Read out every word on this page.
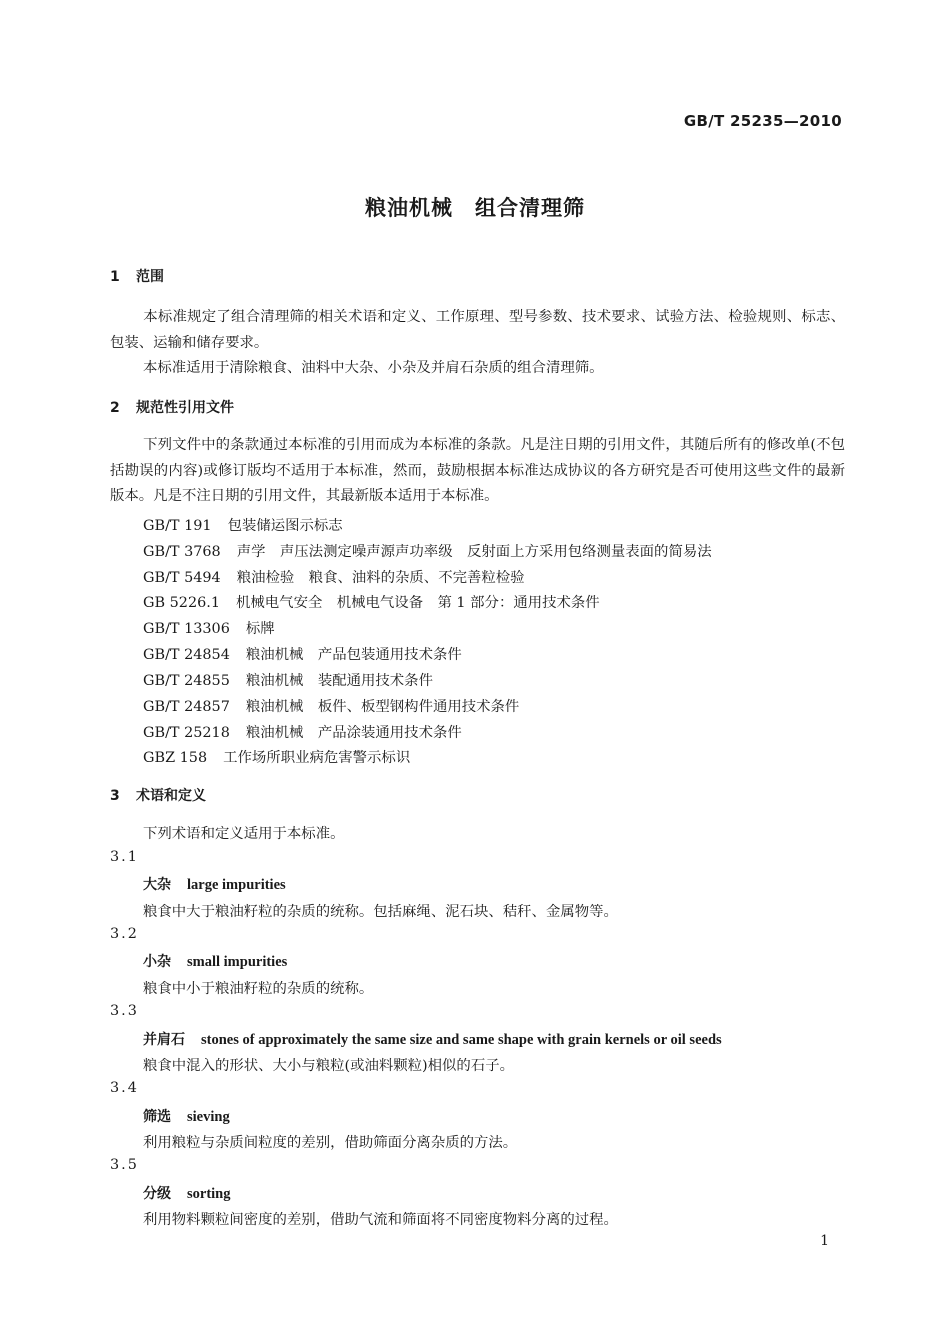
GB/T 25235—2010
粮油机械　组合清理筛
1 范围
本标准规定了组合清理筛的相关术语和定义、工作原理、型号参数、技术要求、试验方法、检验规则、标志、包装、运输和储存要求。
本标准适用于清除粮食、油料中大杂、小杂及并肩石杂质的组合清理筛。
2 规范性引用文件
下列文件中的条款通过本标准的引用而成为本标准的条款。凡是注日期的引用文件，其随后所有的修改单(不包括勘误的内容)或修订版均不适用于本标准，然而，鼓励根据本标准达成协议的各方研究是否可使用这些文件的最新版本。凡是不注日期的引用文件，其最新版本适用于本标准。
GB/T 191 包装储运图示标志
GB/T 3768 声学　声压法测定噪声源声功率级　反射面上方采用包络测量表面的简易法
GB/T 5494 粮油检验　粮食、油料的杂质、不完善粒检验
GB 5226.1 机械电气安全　机械电气设备　第 1 部分：通用技术条件
GB/T 13306 标牌
GB/T 24854 粮油机械　产品包装通用技术条件
GB/T 24855 粮油机械　装配通用技术条件
GB/T 24857 粮油机械　板件、板型钢构件通用技术条件
GB/T 25218 粮油机械　产品涂装通用技术条件
GBZ 158 工作场所职业病危害警示标识
3 术语和定义
下列术语和定义适用于本标准。
3.1
大杂 large impurities
粮食中大于粮油籽粒的杂质的统称。包括麻绳、泥石块、秸秆、金属物等。
3.2
小杂 small impurities
粮食中小于粮油籽粒的杂质的统称。
3.3
并肩石 stones of approximately the same size and same shape with grain kernels or oil seeds
粮食中混入的形状、大小与粮粒(或油料颗粒)相似的石子。
3.4
筛选 sieving
利用粮粒与杂质间粒度的差别，借助筛面分离杂质的方法。
3.5
分级 sorting
利用物料颗粒间密度的差别，借助气流和筛面将不同密度物料分离的过程。
1
